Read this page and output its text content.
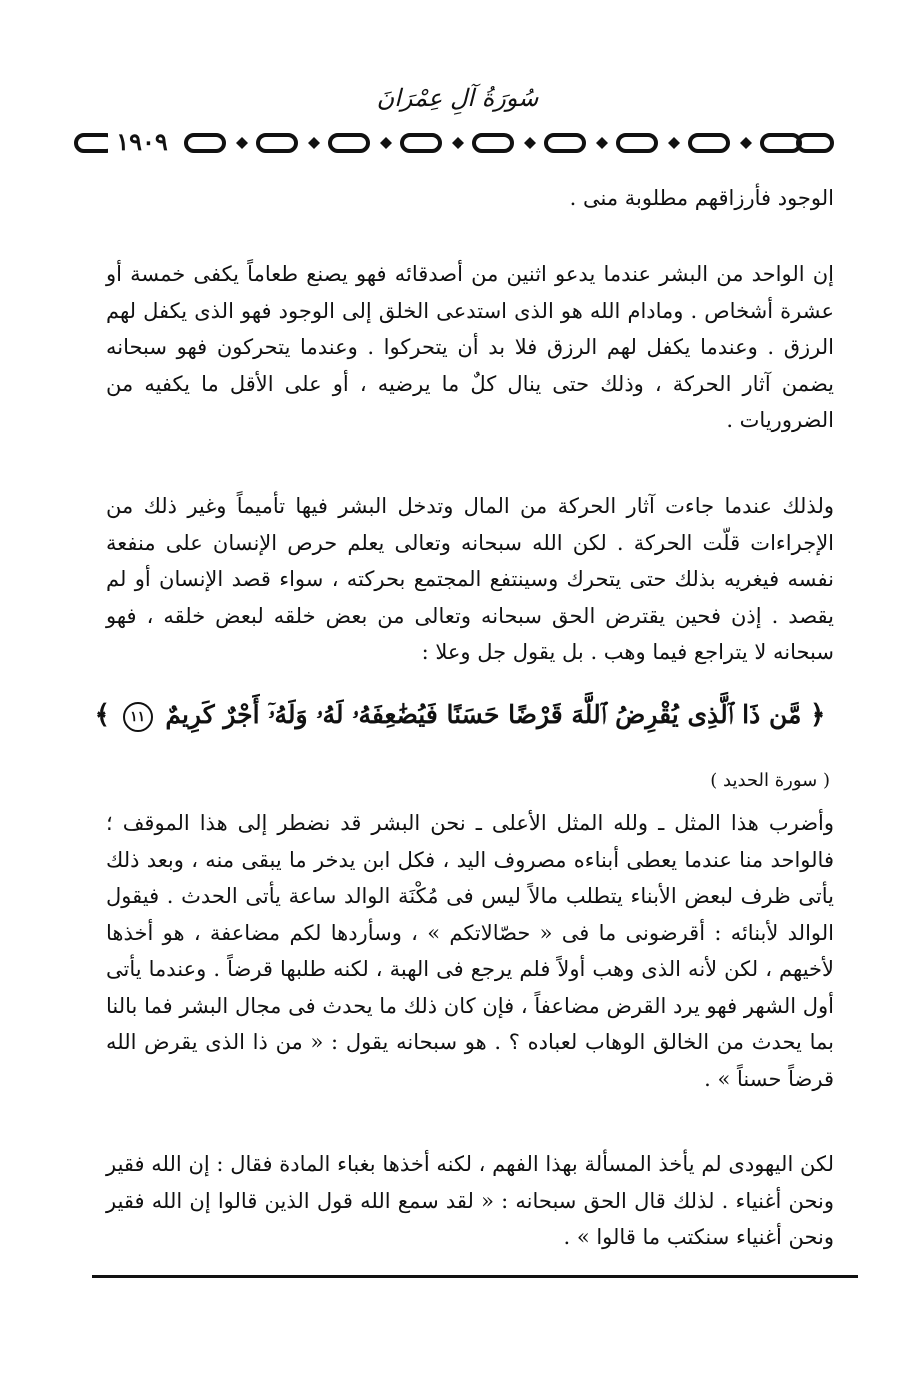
سُورَةُ آلِ عِمْرَانَ
١٩٠٩

الوجود فأرزاقهم مطلوبة منى .

إن الواحد من البشر عندما يدعو اثنين من أصدقائه فهو يصنع طعاماً يكفى خمسة أو عشرة أشخاص . ومادام الله هو الذى استدعى الخلق إلى الوجود فهو الذى يكفل لهم الرزق . وعندما يكفل لهم الرزق فلا بد أن يتحركوا . وعندما يتحركون فهو سبحانه يضمن آثار الحركة ، وذلك حتى ينال كلٌ ما يرضيه ، أو على الأقل ما يكفيه من الضروريات .

ولذلك عندما جاءت آثار الحركة من المال وتدخل البشر فيها تأميماً وغير ذلك من الإجراءات قلّت الحركة . لكن الله سبحانه وتعالى يعلم حرص الإنسان على منفعة نفسه فيغريه بذلك حتى يتحرك وسينتفع المجتمع بحركته ، سواء قصد الإنسان أو لم يقصد . إذن فحين يقترض الحق سبحانه وتعالى من بعض خلقه لبعض خلقه ، فهو سبحانه لا يتراجع فيما وهب . بل يقول جل وعلا :

﴿ مَّن ذَا ٱلَّذِى يُقْرِضُ ٱللَّهَ قَرْضًا حَسَنًا فَيُضَٰعِفَهُۥ لَهُۥ وَلَهُۥٓ أَجْرٌ كَرِيمٌ ١١ ﴾
( سورة الحديد )

وأضرب هذا المثل ـ ولله المثل الأعلى ـ نحن البشر قد نضطر إلى هذا الموقف ؛ فالواحد منا عندما يعطى أبناءه مصروف اليد ، فكل ابن يدخر ما يبقى منه ، وبعد ذلك يأتى ظرف لبعض الأبناء يتطلب مالاً ليس فى مُكْنَة الوالد ساعة يأتى الحدث . فيقول الوالد لأبنائه : أقرضونى ما فى « حصّالاتكم » ، وسأردها لكم مضاعفة ، هو أخذها لأخيهم ، لكن لأنه الذى وهب أولاً فلم يرجع فى الهبة ، لكنه طلبها قرضاً . وعندما يأتى أول الشهر فهو يرد القرض مضاعفاً ، فإن كان ذلك ما يحدث فى مجال البشر فما بالنا بما يحدث من الخالق الوهاب لعباده ؟ . هو سبحانه يقول : « من ذا الذى يقرض الله قرضاً حسناً » .

لكن اليهودى لم يأخذ المسألة بهذا الفهم ، لكنه أخذها بغباء المادة فقال : إن الله فقير ونحن أغنياء . لذلك قال الحق سبحانه : « لقد سمع الله قول الذين قالوا إن الله فقير ونحن أغنياء سنكتب ما قالوا » .
